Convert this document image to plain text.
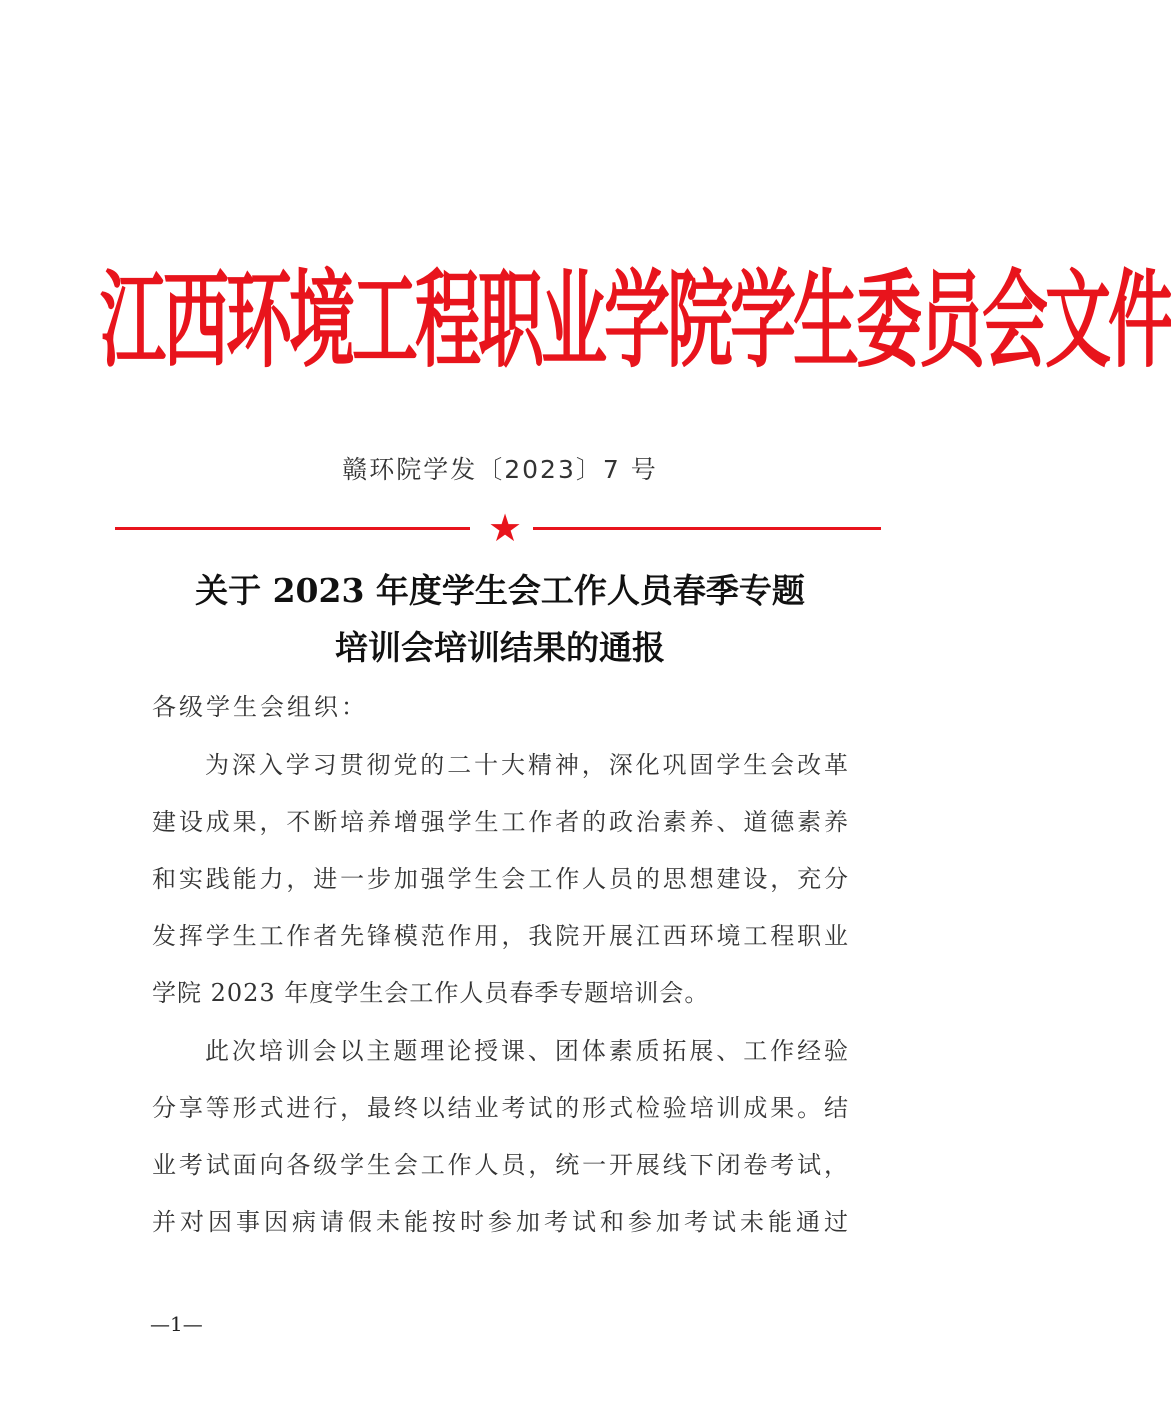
江西环境工程职业学院学生委员会文件
赣环院学发〔2023〕7 号
★
关于 2023 年度学生会工作人员春季专题
培训会培训结果的通报
各级学生会组织：
为深入学习贯彻党的二十大精神，深化巩固学生会改革
建设成果，不断培养增强学生工作者的政治素养、道德素养
和实践能力，进一步加强学生会工作人员的思想建设，充分
发挥学生工作者先锋模范作用，我院开展江西环境工程职业
学院 2023 年度学生会工作人员春季专题培训会。
此次培训会以主题理论授课、团体素质拓展、工作经验
分享等形式进行，最终以结业考试的形式检验培训成果。结
业考试面向各级学生会工作人员，统一开展线下闭卷考试，
并对因事因病请假未能按时参加考试和参加考试未能通过
—1—
